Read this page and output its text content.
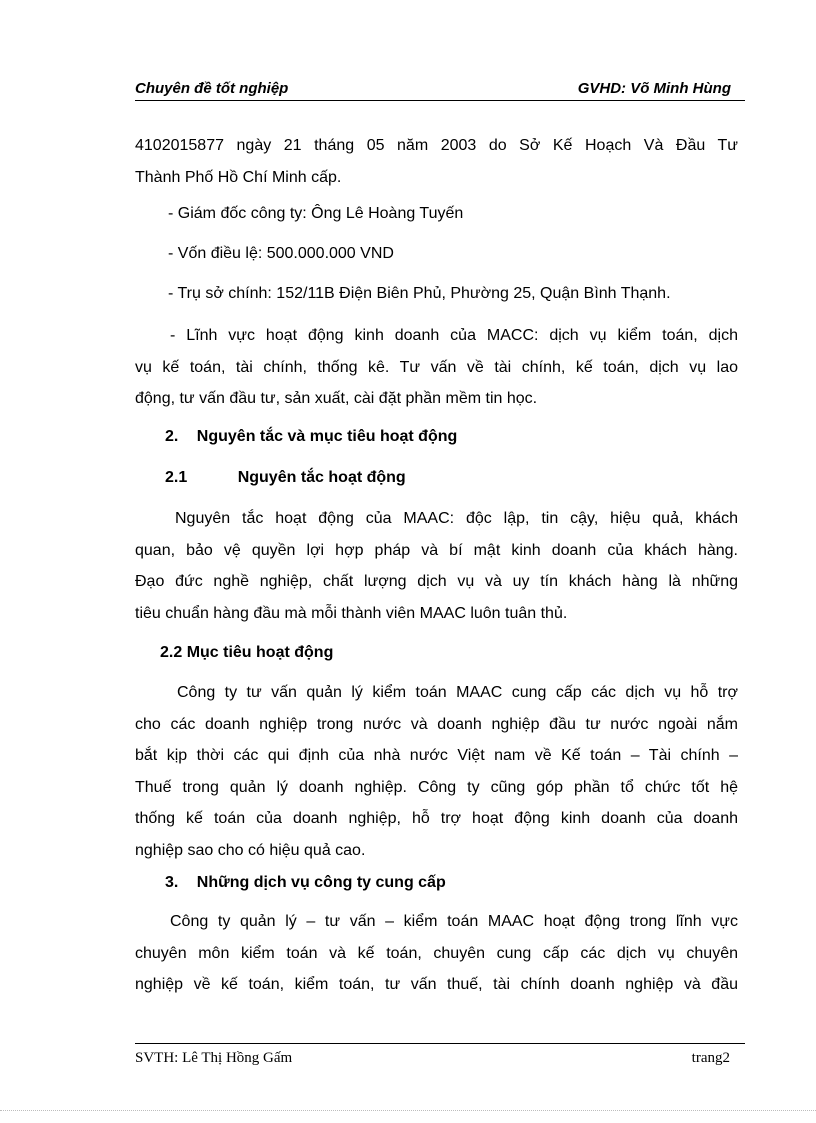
Chuyên đề tốt nghiệp	GVHD: Võ Minh Hùng
4102015877 ngày 21 tháng 05 năm 2003 do Sở Kế Hoạch Và Đầu Tư
Thành Phố Hồ Chí Minh cấp.
- Giám đốc công ty: Ông Lê Hoàng Tuyến
- Vốn điều lệ: 500.000.000 VND
- Trụ sở chính: 152/11B Điện Biên Phủ, Phường 25, Quận Bình Thạnh.
- Lĩnh vực hoạt động kinh doanh của MACC: dịch vụ kiểm toán, dịch
vụ kế toán, tài chính, thống kê. Tư vấn về tài chính, kế toán, dịch vụ lao
động, tư vấn đầu tư, sản xuất, cài đặt phần mềm tin học.
2. Nguyên tắc và mục tiêu hoạt động
2.1	Nguyên tắc hoạt động
Nguyên tắc hoạt động của MAAC: độc lập, tin cậy, hiệu quả, khách
quan, bảo vệ quyền lợi hợp pháp và bí mật kinh doanh của khách hàng.
Đạo đức nghề nghiệp, chất lượng dịch vụ và uy tín khách hàng là những
tiêu chuẩn hàng đầu mà mỗi thành viên MAAC luôn tuân thủ.
2.2 Mục tiêu hoạt động
Công ty tư vấn quản lý kiểm toán MAAC cung cấp các dịch vụ hỗ trợ
cho các doanh nghiệp trong nước và doanh nghiệp đầu tư nước ngoài nắm
bắt kịp thời các qui định của nhà nước Việt nam về Kế toán – Tài chính –
Thuế trong quản lý doanh nghiệp. Công ty cũng góp phần tổ chức tốt hệ
thống kế toán của doanh nghiệp, hỗ trợ hoạt động kinh doanh của doanh
nghiệp sao cho có hiệu quả cao.
3. Những dịch vụ công ty cung cấp
Công ty quản lý – tư vấn – kiểm toán MAAC hoạt động trong lĩnh vực
chuyên môn kiểm toán và kế toán, chuyên cung cấp các dịch vụ chuyên
nghiệp về kế toán, kiểm toán, tư vấn thuế, tài chính doanh nghiệp và đầu
SVTH: Lê Thị Hồng Gấm	trang2
